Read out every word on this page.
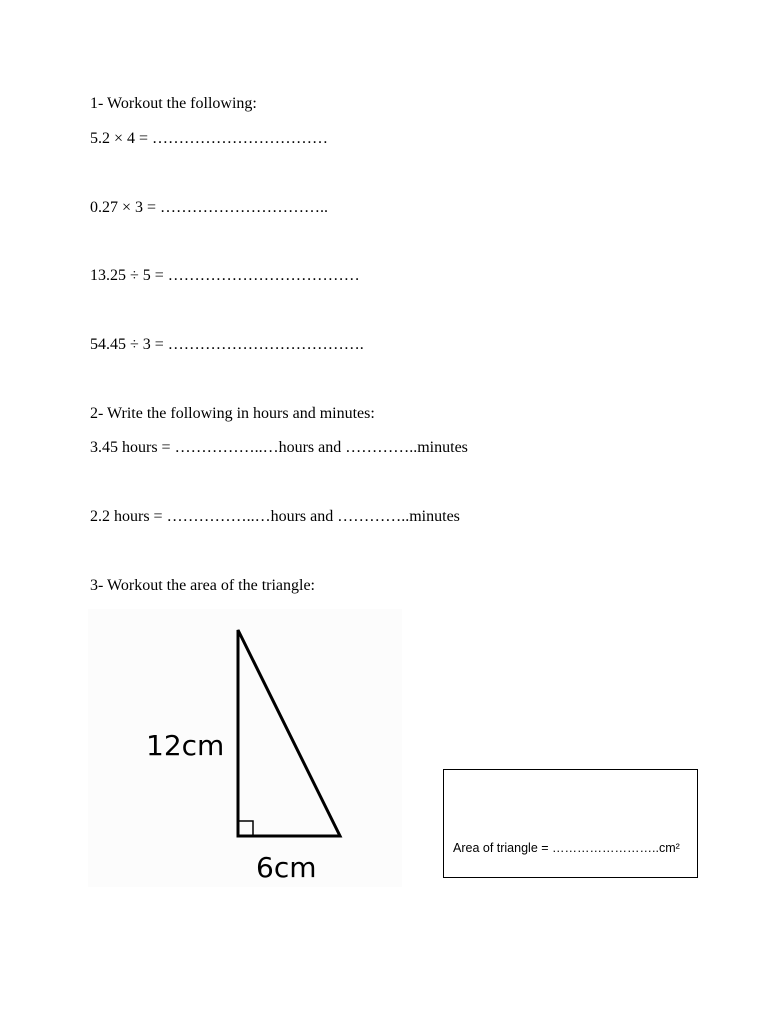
1- Workout the following:
5.2 × 4 = ……………………………
0.27 × 3 = …………………………..
13.25 ÷ 5 = ………………………………
54.45 ÷ 3 = ……………………………….
2- Write the following in hours and minutes:
3.45 hours = ……………..…hours and …………..minutes
2.2 hours = ……………..…hours and …………..minutes
3- Workout the area of the triangle:
12cm
6cm
Area of triangle = ……………………..cm²
